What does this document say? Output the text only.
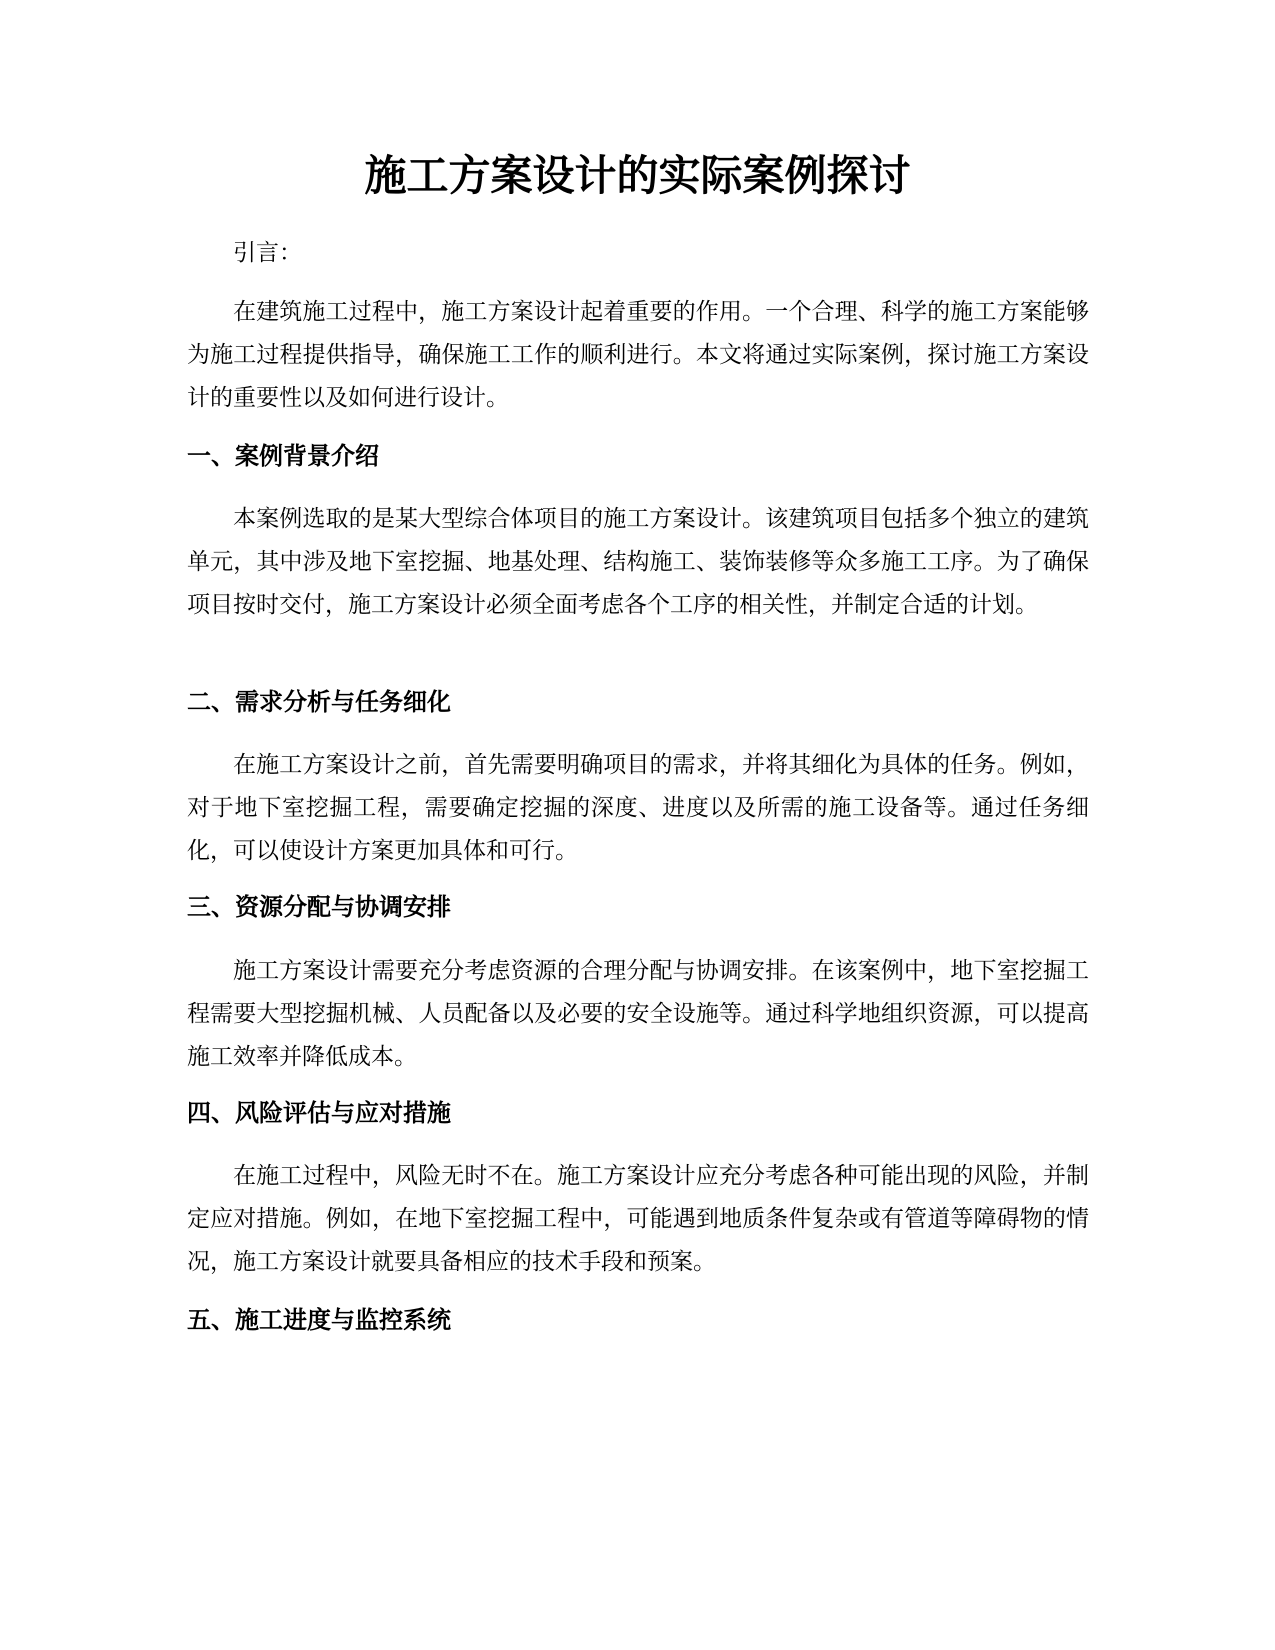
施工方案设计的实际案例探讨

引言：

在建筑施工过程中，施工方案设计起着重要的作用。一个合理、科学的施工方案能够为施工过程提供指导，确保施工工作的顺利进行。本文将通过实际案例，探讨施工方案设计的重要性以及如何进行设计。

一、案例背景介绍

本案例选取的是某大型综合体项目的施工方案设计。该建筑项目包括多个独立的建筑单元，其中涉及地下室挖掘、地基处理、结构施工、装饰装修等众多施工工序。为了确保项目按时交付，施工方案设计必须全面考虑各个工序的相关性，并制定合适的计划。

二、需求分析与任务细化

在施工方案设计之前，首先需要明确项目的需求，并将其细化为具体的任务。例如，对于地下室挖掘工程，需要确定挖掘的深度、进度以及所需的施工设备等。通过任务细化，可以使设计方案更加具体和可行。

三、资源分配与协调安排

施工方案设计需要充分考虑资源的合理分配与协调安排。在该案例中，地下室挖掘工程需要大型挖掘机械、人员配备以及必要的安全设施等。通过科学地组织资源，可以提高施工效率并降低成本。

四、风险评估与应对措施

在施工过程中，风险无时不在。施工方案设计应充分考虑各种可能出现的风险，并制定应对措施。例如，在地下室挖掘工程中，可能遇到地质条件复杂或有管道等障碍物的情况，施工方案设计就要具备相应的技术手段和预案。

五、施工进度与监控系统
